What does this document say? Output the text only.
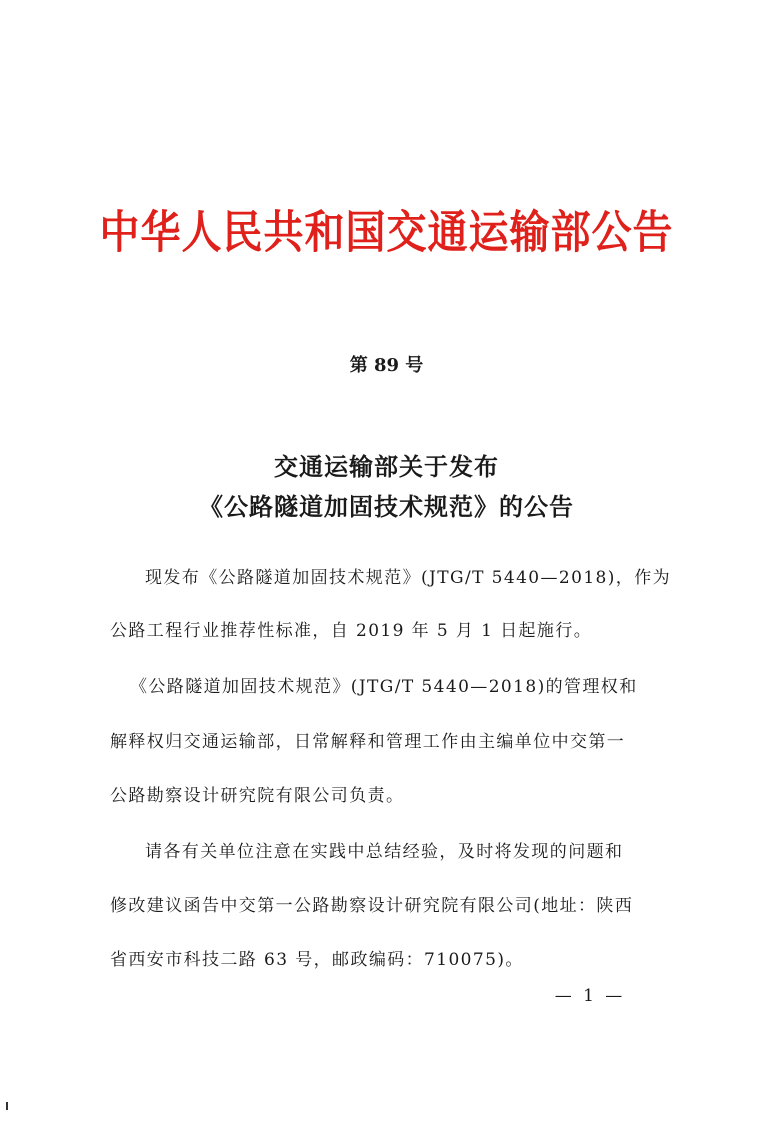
中华人民共和国交通运输部公告
第 89 号
交通运输部关于发布
《公路隧道加固技术规范》的公告
现发布《公路隧道加固技术规范》(JTG/T 5440—2018)，作为
公路工程行业推荐性标准，自 2019 年 5 月 1 日起施行。
《公路隧道加固技术规范》(JTG/T 5440—2018)的管理权和
解释权归交通运输部，日常解释和管理工作由主编单位中交第一
公路勘察设计研究院有限公司负责。
请各有关单位注意在实践中总结经验，及时将发现的问题和
修改建议函告中交第一公路勘察设计研究院有限公司(地址：陕西
省西安市科技二路 63 号，邮政编码：710075)。
— 1 —
